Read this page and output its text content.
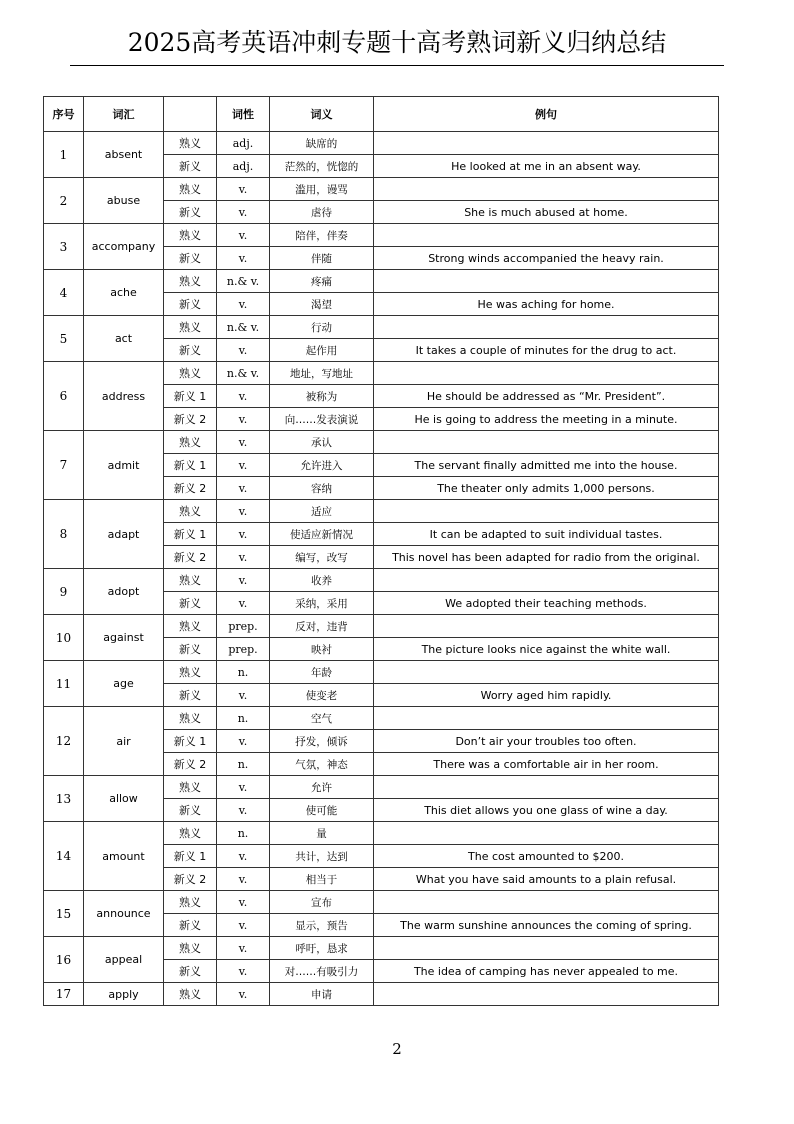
2025高考英语冲刺专题十高考熟词新义归纳总结
序号	词汇		词性	词义	例句
1	absent	熟义	adj.	缺席的	
		新义	adj.	茫然的，恍惚的	He looked at me in an absent way.
2	abuse	熟义	v.	滥用，谩骂	
		新义	v.	虐待	She is much abused at home.
3	accompany	熟义	v.	陪伴，伴奏	
		新义	v.	伴随	Strong winds accompanied the heavy rain.
4	ache	熟义	n.& v.	疼痛	
		新义	v.	渴望	He was aching for home.
5	act	熟义	n.& v.	行动	
		新义	v.	起作用	It takes a couple of minutes for the drug to act.
6	address	熟义	n.& v.	地址，写地址	
		新义 1	v.	被称为	He should be addressed as “Mr. President”.
		新义 2	v.	向……发表演说	He is going to address the meeting in a minute.
7	admit	熟义	v.	承认	
		新义 1	v.	允许进入	The servant finally admitted me into the house.
		新义 2	v.	容纳	The theater only admits 1,000 persons.
8	adapt	熟义	v.	适应	
		新义 1	v.	使适应新情况	It can be adapted to suit individual tastes.
		新义 2	v.	编写，改写	This novel has been adapted for radio from the original.
9	adopt	熟义	v.	收养	
		新义	v.	采纳，采用	We adopted their teaching methods.
10	against	熟义	prep.	反对，违背	
		新义	prep.	映衬	The picture looks nice against the white wall.
11	age	熟义	n.	年龄	
		新义	v.	使变老	Worry aged him rapidly.
12	air	熟义	n.	空气	
		新义 1	v.	抒发，倾诉	Don’t air your troubles too often.
		新义 2	n.	气氛，神态	There was a comfortable air in her room.
13	allow	熟义	v.	允许	
		新义	v.	使可能	This diet allows you one glass of wine a day.
14	amount	熟义	n.	量	
		新义 1	v.	共计，达到	The cost amounted to $200.
		新义 2	v.	相当于	What you have said amounts to a plain refusal.
15	announce	熟义	v.	宣布	
		新义	v.	显示，预告	The warm sunshine announces the coming of spring.
16	appeal	熟义	v.	呼吁，恳求	
		新义	v.	对……有吸引力	The idea of camping has never appealed to me.
17	apply	熟义	v.	申请	
2
